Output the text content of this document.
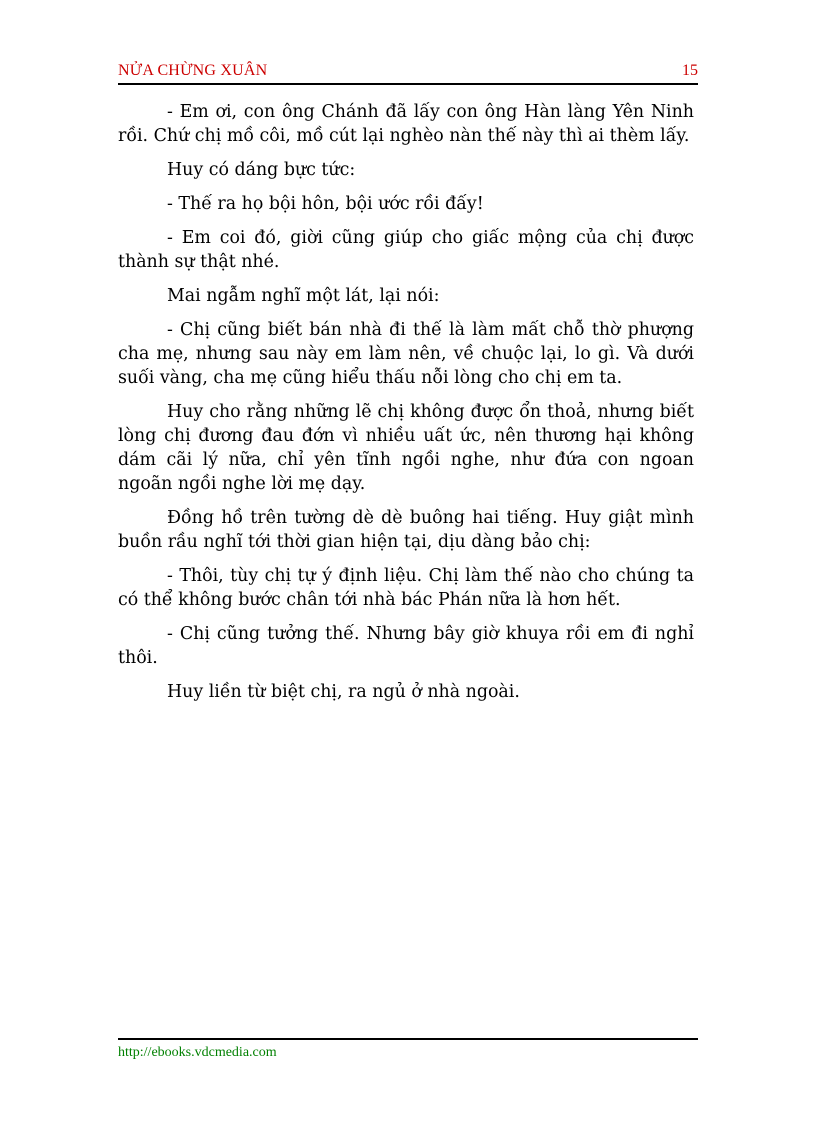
NỬA CHỪNG XUÂN	15

- Em ơi, con ông Chánh đã lấy con ông Hàn làng Yên Ninh rồi. Chứ chị mồ côi, mồ cút lại nghèo nàn thế này thì ai thèm lấy.

Huy có dáng bực tức:

- Thế ra họ bội hôn, bội ước rồi đấy!

- Em coi đó, giời cũng giúp cho giấc mộng của chị được thành sự thật nhé.

Mai ngẫm nghĩ một lát, lại nói:

- Chị cũng biết bán nhà đi thế là làm mất chỗ thờ phượng cha mẹ, nhưng sau này em làm nên, về chuộc lại, lo gì. Và dưới suối vàng, cha mẹ cũng hiểu thấu nỗi lòng cho chị em ta.

Huy cho rằng những lẽ chị không được ổn thoả, nhưng biết lòng chị đương đau đớn vì nhiều uất ức, nên thương hại không dám cãi lý nữa, chỉ yên tĩnh ngồi nghe, như đứa con ngoan ngoãn ngồi nghe lời mẹ dạy.

Đồng hồ trên tường dè dè buông hai tiếng. Huy giật mình buồn rầu nghĩ tới thời gian hiện tại, dịu dàng bảo chị:

- Thôi, tùy chị tự ý định liệu. Chị làm thế nào cho chúng ta có thể không bước chân tới nhà bác Phán nữa là hơn hết.

- Chị cũng tưởng thế. Nhưng bây giờ khuya rồi em đi nghỉ thôi.

Huy liền từ biệt chị, ra ngủ ở nhà ngoài.

http://ebooks.vdcmedia.com
